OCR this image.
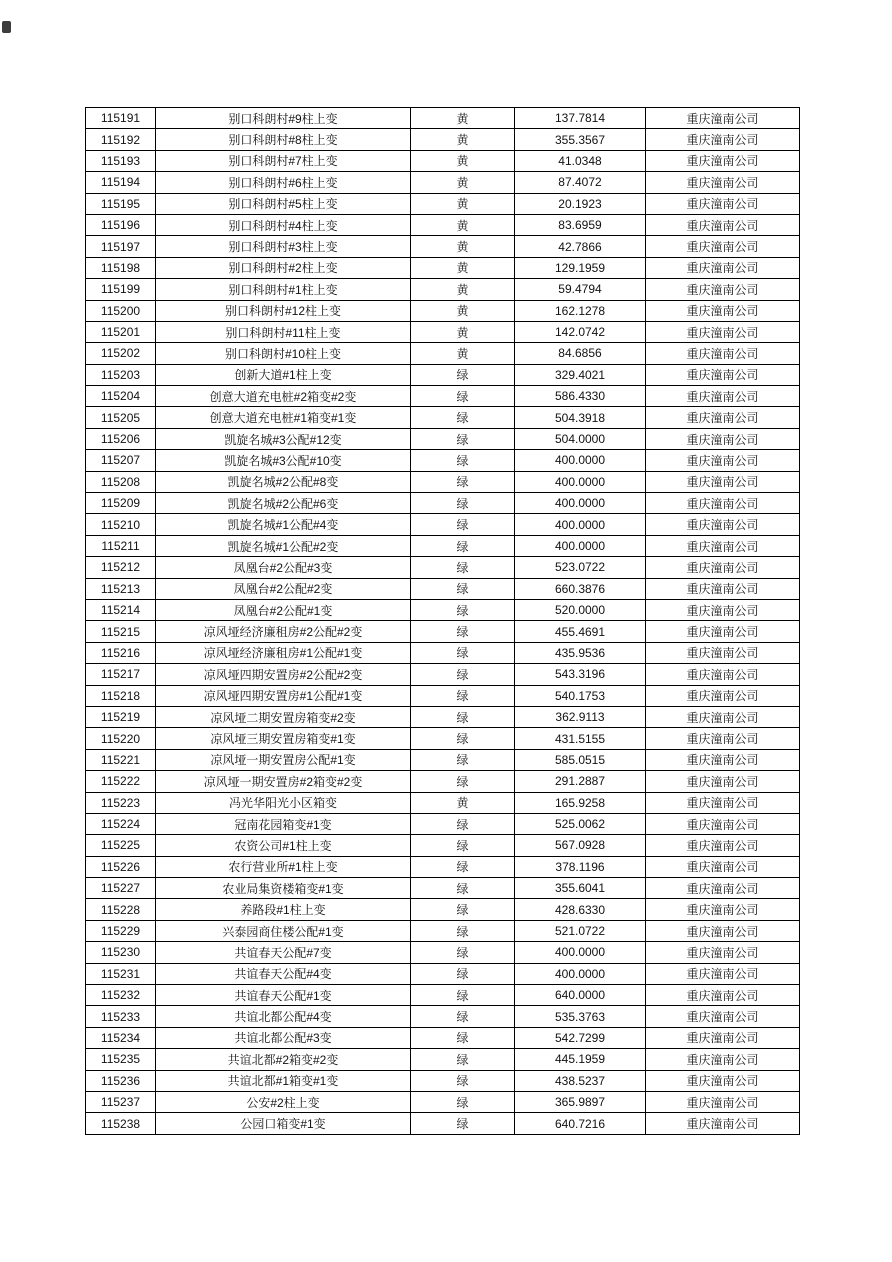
115191	别口科朗村#9柱上变	黄	137.7814	重庆潼南公司
115192	别口科朗村#8柱上变	黄	355.3567	重庆潼南公司
115193	别口科朗村#7柱上变	黄	41.0348	重庆潼南公司
115194	别口科朗村#6柱上变	黄	87.4072	重庆潼南公司
115195	别口科朗村#5柱上变	黄	20.1923	重庆潼南公司
115196	别口科朗村#4柱上变	黄	83.6959	重庆潼南公司
115197	别口科朗村#3柱上变	黄	42.7866	重庆潼南公司
115198	别口科朗村#2柱上变	黄	129.1959	重庆潼南公司
115199	别口科朗村#1柱上变	黄	59.4794	重庆潼南公司
115200	别口科朗村#12柱上变	黄	162.1278	重庆潼南公司
115201	别口科朗村#11柱上变	黄	142.0742	重庆潼南公司
115202	别口科朗村#10柱上变	黄	84.6856	重庆潼南公司
115203	创新大道#1柱上变	绿	329.4021	重庆潼南公司
115204	创意大道充电桩#2箱变#2变	绿	586.4330	重庆潼南公司
115205	创意大道充电桩#1箱变#1变	绿	504.3918	重庆潼南公司
115206	凯旋名城#3公配#12变	绿	504.0000	重庆潼南公司
115207	凯旋名城#3公配#10变	绿	400.0000	重庆潼南公司
115208	凯旋名城#2公配#8变	绿	400.0000	重庆潼南公司
115209	凯旋名城#2公配#6变	绿	400.0000	重庆潼南公司
115210	凯旋名城#1公配#4变	绿	400.0000	重庆潼南公司
115211	凯旋名城#1公配#2变	绿	400.0000	重庆潼南公司
115212	凤凰台#2公配#3变	绿	523.0722	重庆潼南公司
115213	凤凰台#2公配#2变	绿	660.3876	重庆潼南公司
115214	凤凰台#2公配#1变	绿	520.0000	重庆潼南公司
115215	凉风垭经济廉租房#2公配#2变	绿	455.4691	重庆潼南公司
115216	凉风垭经济廉租房#1公配#1变	绿	435.9536	重庆潼南公司
115217	凉风垭四期安置房#2公配#2变	绿	543.3196	重庆潼南公司
115218	凉风垭四期安置房#1公配#1变	绿	540.1753	重庆潼南公司
115219	凉风垭二期安置房箱变#2变	绿	362.9113	重庆潼南公司
115220	凉风垭三期安置房箱变#1变	绿	431.5155	重庆潼南公司
115221	凉风垭一期安置房公配#1变	绿	585.0515	重庆潼南公司
115222	凉风垭一期安置房#2箱变#2变	绿	291.2887	重庆潼南公司
115223	冯光华阳光小区箱变	黄	165.9258	重庆潼南公司
115224	冠南花园箱变#1变	绿	525.0062	重庆潼南公司
115225	农资公司#1柱上变	绿	567.0928	重庆潼南公司
115226	农行营业所#1柱上变	绿	378.1196	重庆潼南公司
115227	农业局集资楼箱变#1变	绿	355.6041	重庆潼南公司
115228	养路段#1柱上变	绿	428.6330	重庆潼南公司
115229	兴泰园商住楼公配#1变	绿	521.0722	重庆潼南公司
115230	共谊春天公配#7变	绿	400.0000	重庆潼南公司
115231	共谊春天公配#4变	绿	400.0000	重庆潼南公司
115232	共谊春天公配#1变	绿	640.0000	重庆潼南公司
115233	共谊北都公配#4变	绿	535.3763	重庆潼南公司
115234	共谊北都公配#3变	绿	542.7299	重庆潼南公司
115235	共谊北都#2箱变#2变	绿	445.1959	重庆潼南公司
115236	共谊北都#1箱变#1变	绿	438.5237	重庆潼南公司
115237	公安#2柱上变	绿	365.9897	重庆潼南公司
115238	公园口箱变#1变	绿	640.7216	重庆潼南公司
